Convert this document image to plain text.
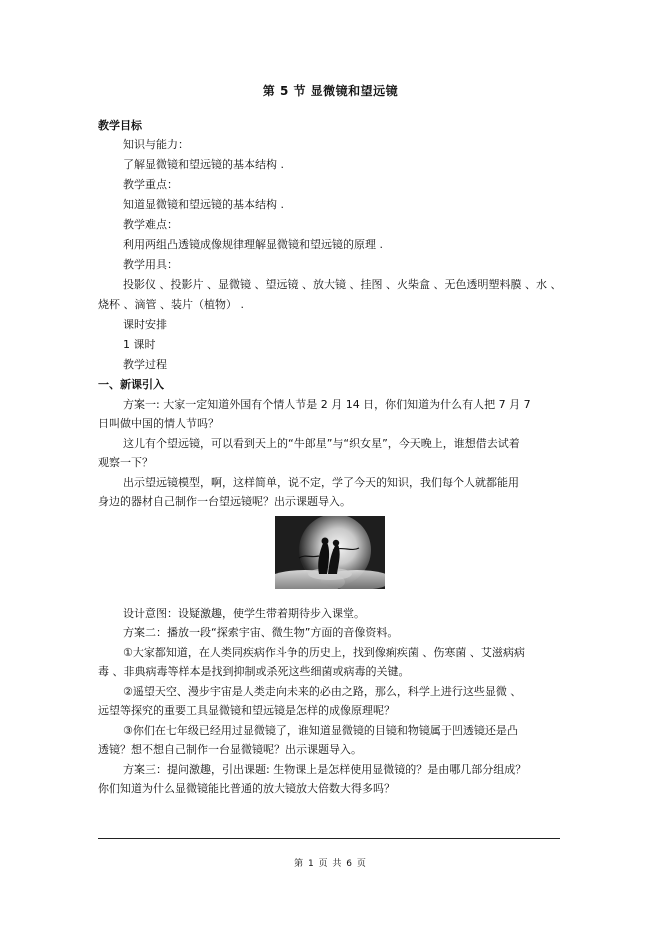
第 5 节 显微镜和望远镜
教学目标
知识与能力：
了解显微镜和望远镜的基本结构 .
教学重点：
知道显微镜和望远镜的基本结构 .
教学难点：
利用两组凸透镜成像规律理解显微镜和望远镜的原理 .
教学用具：
投影仪 、投影片 、显微镜 、望远镜 、放大镜 、挂图 、火柴盒 、无色透明塑料膜 、水 、
烧杯 、滴管 、装片（植物） .
课时安排
1 课时
教学过程
一、新课引入
方案一: 大家一定知道外国有个情人节是 2 月 14 日，你们知道为什么有人把 7 月 7
日叫做中国的情人节吗？
这儿有个望远镜，可以看到天上的“牛郎星”与“织女星”，今天晚上，谁想借去试着
观察一下？
出示望远镜模型，啊，这样简单，说不定，学了今天的知识，我们每个人就都能用
身边的器材自己制作一台望远镜呢？出示课题导入。
设计意图：设疑激趣，使学生带着期待步入课堂。
方案二：播放一段“探索宇宙、微生物”方面的音像资料。
①大家都知道，在人类同疾病作斗争的历史上，找到像痢疾菌 、伤寒菌 、艾滋病病
毒 、非典病毒等样本是找到抑制或杀死这些细菌或病毒的关键。
②遥望天空、漫步宇宙是人类走向未来的必由之路，那么，科学上进行这些显微 、
远望等探究的重要工具显微镜和望远镜是怎样的成像原理呢？
③你们在七年级已经用过显微镜了，谁知道显微镜的目镜和物镜属于凹透镜还是凸
透镜？想不想自己制作一台显微镜呢？出示课题导入。
方案三：提问激趣，引出课题: 生物课上是怎样使用显微镜的？是由哪几部分组成？
你们知道为什么显微镜能比普通的放大镜放大倍数大得多吗？
第 1 页 共 6 页
